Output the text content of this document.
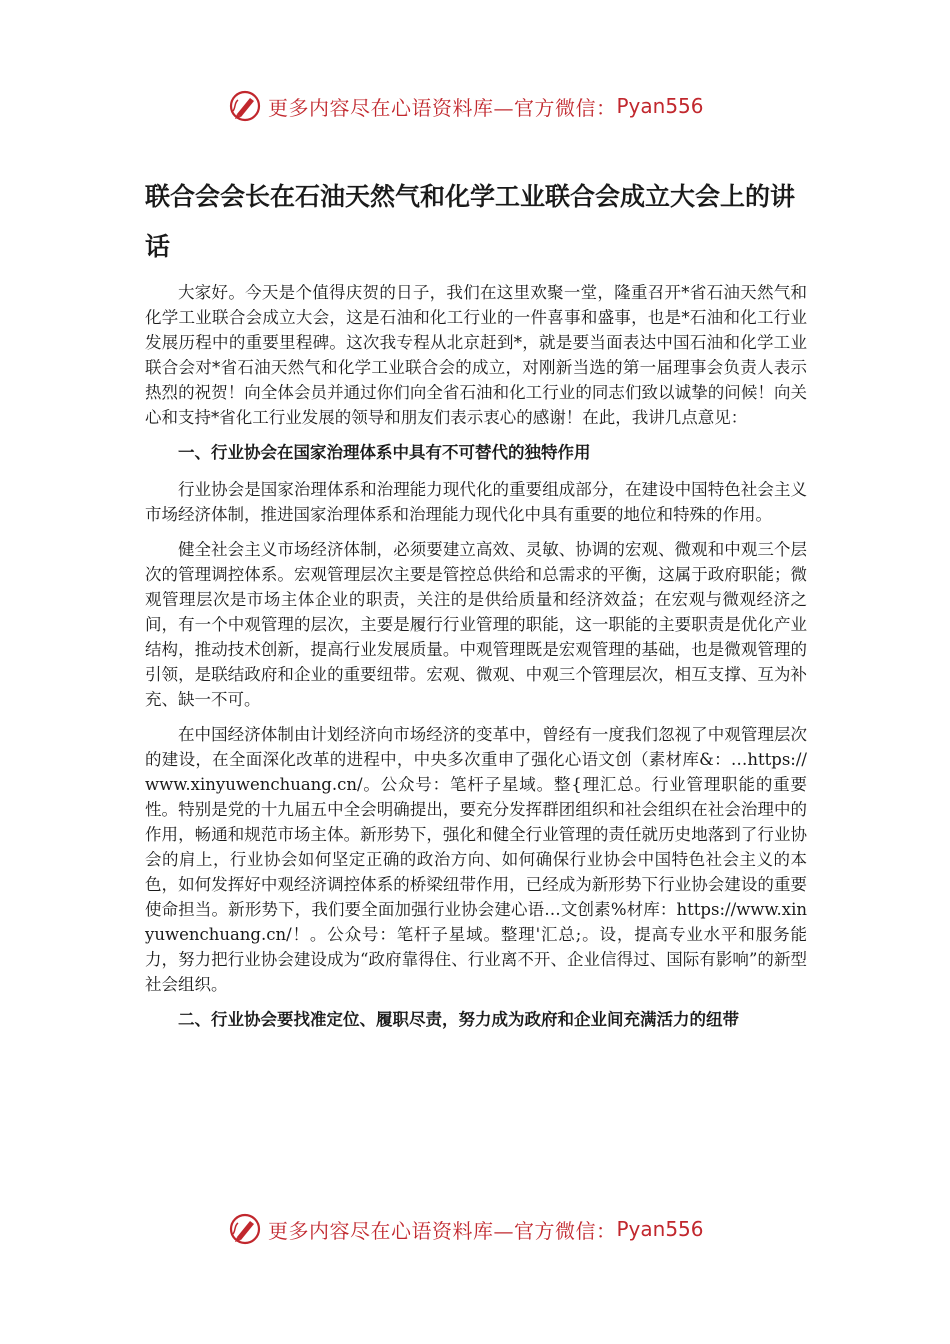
更多内容尽在心语资料库—官方微信： Pyan556
联合会会长在石油天然气和化学工业联合会成立大会上的讲话

大家好。今天是个值得庆贺的日子，我们在这里欢聚一堂，隆重召开*省石油天然气和化学工业联合会成立大会，这是石油和化工行业的一件喜事和盛事，也是*石油和化工行业发展历程中的重要里程碑。这次我专程从北京赶到*，就是要当面表达中国石油和化学工业联合会对*省石油天然气和化学工业联合会的成立，对刚新当选的第一届理事会负责人表示热烈的祝贺！向全体会员并通过你们向全省石油和化工行业的同志们致以诚挚的问候！向关心和支持*省化工行业发展的领导和朋友们表示衷心的感谢！在此，我讲几点意见：

一、行业协会在国家治理体系中具有不可替代的独特作用

行业协会是国家治理体系和治理能力现代化的重要组成部分，在建设中国特色社会主义市场经济体制，推进国家治理体系和治理能力现代化中具有重要的地位和特殊的作用。

健全社会主义市场经济体制，必须要建立高效、灵敏、协调的宏观、微观和中观三个层次的管理调控体系。宏观管理层次主要是管控总供给和总需求的平衡，这属于政府职能；微观管理层次是市场主体企业的职责，关注的是供给质量和经济效益；在宏观与微观经济之间，有一个中观管理的层次，主要是履行行业管理的职能，这一职能的主要职责是优化产业结构，推动技术创新，提高行业发展质量。中观管理既是宏观管理的基础，也是微观管理的引领，是联结政府和企业的重要纽带。宏观、微观、中观三个管理层次，相互支撑、互为补充、缺一不可。

在中国经济体制由计划经济向市场经济的变革中，曾经有一度我们忽视了中观管理层次的建设，在全面深化改革的进程中，中央多次重申了强化心语文创（素材库&：…https://www.xinyuwenchuang.cn/。公众号：笔杆子星域。整{理汇总。行业管理职能的重要性。特别是党的十九届五中全会明确提出，要充分发挥群团组织和社会组织在社会治理中的作用，畅通和规范市场主体。新形势下，强化和健全行业管理的责任就历史地落到了行业协会的肩上，行业协会如何坚定正确的政治方向、如何确保行业协会中国特色社会主义的本色，如何发挥好中观经济调控体系的桥梁纽带作用，已经成为新形势下行业协会建设的重要使命担当。新形势下，我们要全面加强行业协会建心语…文创素%材库：https://www.xinyuwenchuang.cn/！。公众号：笔杆子星域。整理'汇总;。设，提高专业水平和服务能力，努力把行业协会建设成为“政府靠得住、行业离不开、企业信得过、国际有影响”的新型社会组织。

二、行业协会要找准定位、履职尽责，努力成为政府和企业间充满活力的纽带

更多内容尽在心语资料库—官方微信： Pyan556
